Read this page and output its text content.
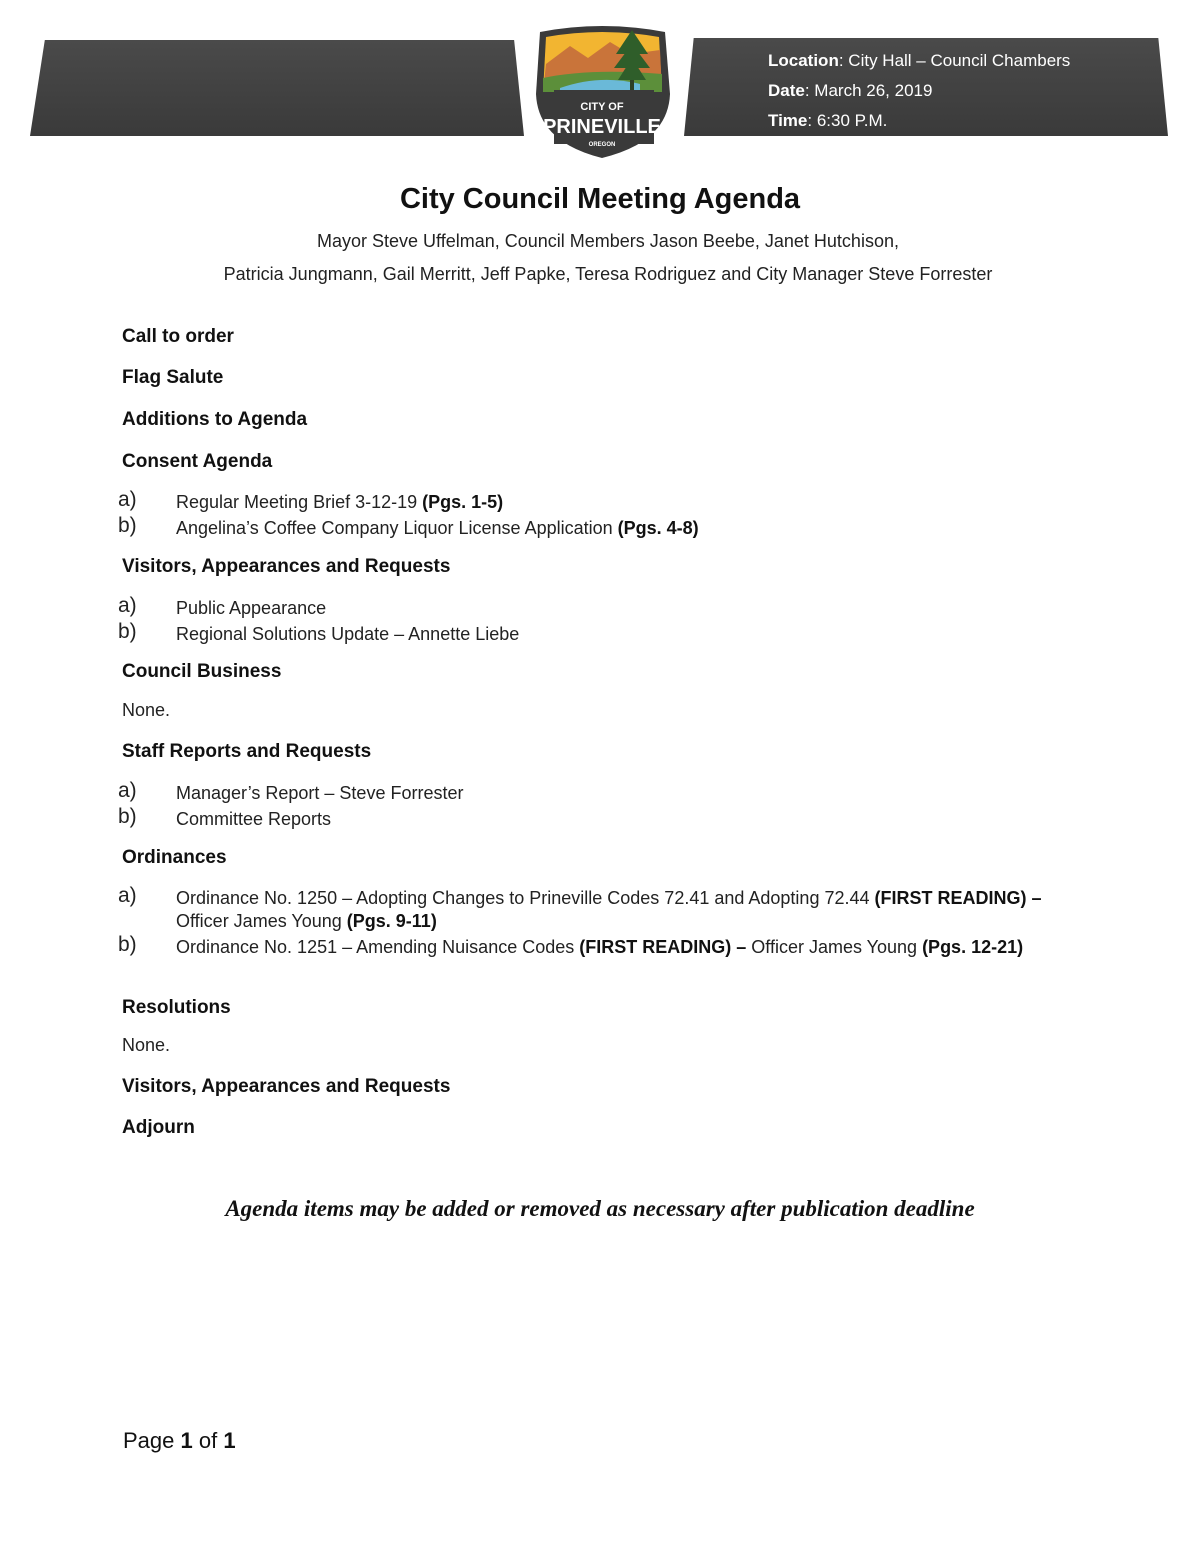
Location: City Hall – Council Chambers
Date: March 26, 2019
Time: 6:30 P.M.
CITY OF
PRINEVILLE
OREGON
City Council Meeting Agenda
Mayor Steve Uffelman, Council Members Jason Beebe, Janet Hutchison,
Patricia Jungmann, Gail Merritt, Jeff Papke, Teresa Rodriguez and City Manager Steve Forrester
Call to order
Flag Salute
Additions to Agenda
Consent Agenda
a) Regular Meeting Brief 3-12-19 (Pgs. 1-5)
b) Angelina’s Coffee Company Liquor License Application (Pgs. 4-8)
Visitors, Appearances and Requests
a) Public Appearance
b) Regional Solutions Update – Annette Liebe
Council Business
None.
Staff Reports and Requests
a) Manager’s Report – Steve Forrester
b) Committee Reports
Ordinances
a) Ordinance No. 1250 – Adopting Changes to Prineville Codes 72.41 and Adopting 72.44 (FIRST READING) – Officer James Young (Pgs. 9-11)
b) Ordinance No. 1251 – Amending Nuisance Codes (FIRST READING) – Officer James Young (Pgs. 12-21)
Resolutions
None.
Visitors, Appearances and Requests
Adjourn
Agenda items may be added or removed as necessary after publication deadline
Page 1 of 1
